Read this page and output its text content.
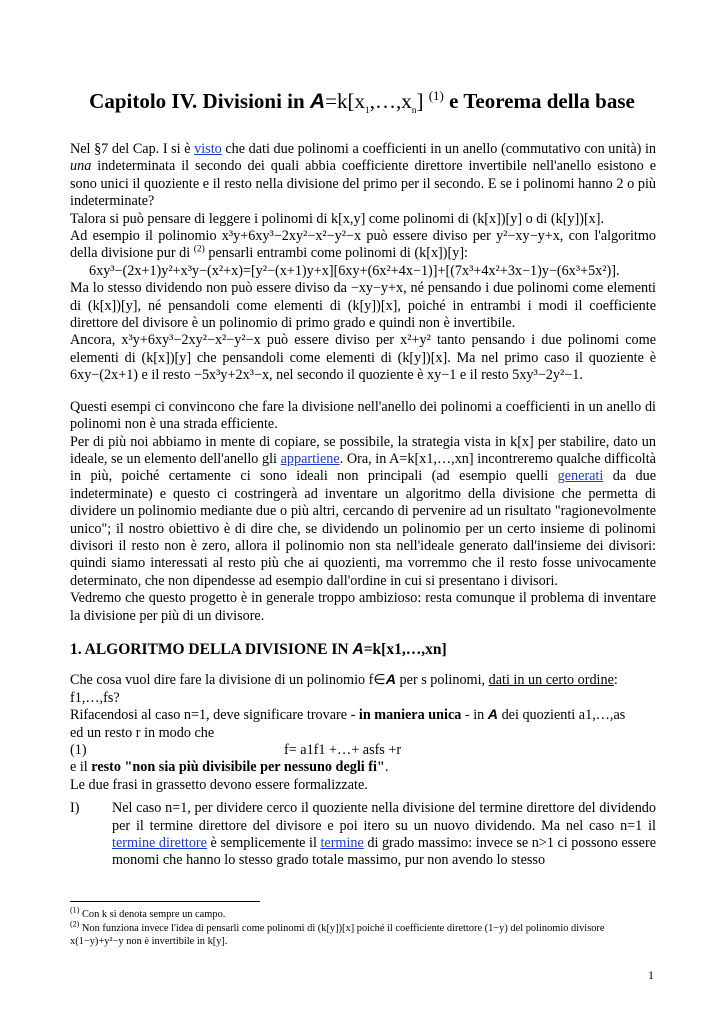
Capitolo IV. Divisioni in $A=k[x_1,\dots,x_n]$ $^{(1)}$ e Teorema della base

Nel §7 del Cap. I si è visto che dati due polinomi a coefficienti in un anello (commutativo con unità) in una indeterminata il secondo dei quali abbia coefficiente direttore invertibile nell'anello esistono e sono unici il quoziente e il resto nella divisione del primo per il secondo. E se i polinomi hanno 2 o più indeterminate?

Talora si può pensare di leggere i polinomi di k[x,y] come polinomi di (k[x])[y] o di (k[y])[x].

Ad esempio il polinomio x³y+6xy³−2xy²−x²−y²−x può essere diviso per y²−xy−y+x, con l'algoritmo della divisione pur di $^{(2)}$ pensarli entrambi come polinomi di (k[x])[y]:

6xy³−(2x+1)y²+x³y−(x²+x)=[y²−(x+1)y+x][6xy+(6x²+4x−1)]+[(7x³+4x²+3x−1)y−(6x³+5x²)].

Ma lo stesso dividendo non può essere diviso da −xy−y+x, né pensando i due polinomi come elementi di (k[x])[y], né pensandoli come elementi di (k[y])[x], poiché in entrambi i modi il coefficiente direttore del divisore è un polinomio di primo grado e quindi non è invertibile.

Ancora, x³y+6xy³−2xy²−x²−y²−x può essere diviso per x²+y² tanto pensando i due polinomi come elementi di (k[x])[y] che pensandoli come elementi di (k[y])[x]. Ma nel primo caso il quoziente è 6xy−(2x+1) e il resto −5x³y+2x³−x, nel secondo il quoziente è xy−1 e il resto 5xy³−2y²−1.

Questi esempi ci convincono che fare la divisione nell'anello dei polinomi a coefficienti in un anello di polinomi non è una strada efficiente.

Per di più noi abbiamo in mente di copiare, se possibile, la strategia vista in k[x] per stabilire, dato un ideale, se un elemento dell'anello gli appartiene. Ora, in A=k[x1,…,xn] incontreremo qualche difficoltà in più, poiché certamente ci sono ideali non principali (ad esempio quelli generati da due indeterminate) e questo ci costringerà ad inventare un algoritmo della divisione che permetta di dividere un polinomio mediante due o più altri, cercando di pervenire ad un risultato "ragionevolmente unico"; il nostro obiettivo è di dire che, se dividendo un polinomio per un certo insieme di polinomi divisori il resto non è zero, allora il polinomio non sta nell'ideale generato dall'insieme dei divisori: quindi siamo interessati al resto più che ai quozienti, ma vorremmo che il resto fosse univocamente determinato, che non dipendesse ad esempio dall'ordine in cui si presentano i divisori.

Vedremo che questo progetto è in generale troppo ambizioso: resta comunque il problema di inventare la divisione per più di un divisore.

1. ALGORITMO DELLA DIVISIONE IN A=k[x1,…,xn]

Che cosa vuol dire fare la divisione di un polinomio f∈A per s polinomi, dati in un certo ordine:

f1,…,fs?

Rifacendosi al caso n=1, deve significare trovare - in maniera unica - in A dei quozienti a1,…,as

ed un resto r in modo che

(1)	f= a1f1 +…+ asfs +r

e il resto "non sia più divisibile per nessuno degli fi".

Le due frasi in grassetto devono essere formalizzate.

I) Nel caso n=1, per dividere cerco il quoziente nella divisione del termine direttore del dividendo per il termine direttore del divisore e poi itero su un nuovo dividendo. Ma nel caso n=1 il termine direttore è semplicemente il termine di grado massimo: invece se n>1 ci possono essere monomi che hanno lo stesso grado totale massimo, pur non avendo lo stesso
$^{(1)}$ Con k si denota sempre un campo.
$^{(2)}$ Non funziona invece l'idea di pensarli come polinomi di (k[y])[x] poiché il coefficiente direttore (1−y) del polinomio divisore x(1−y)+y²−y non è invertibile in k[y].
1
